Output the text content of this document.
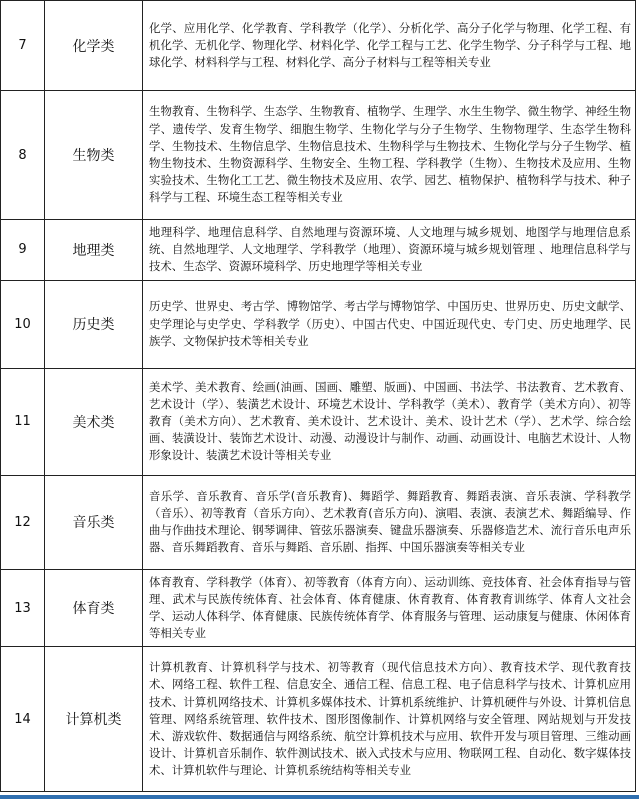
7	化学类	化学、应用化学、化学教育、学科教学（化学）、分析化学、高分子化学与物理、化学工程、有机化学、无机化学、物理化学、材料化学、化学工程与工艺、化学生物学、分子科学与工程、地球化学、材料科学与工程、材料化学、高分子材料与工程等相关专业
8	生物类	生物教育、生物科学、生态学、生物教育、植物学、生理学、水生生物学、微生物学、神经生物学、遗传学、发育生物学、细胞生物学、生物化学与分子生物学、生物物理学、生态学生物科学、生物技术、生物信息学、生物信息技术、生物科学与生物技术、生物化学与分子生物学、植物生物技术、生物资源科学、生物安全、生物工程、学科教学（生物）、生物技术及应用、生物实验技术、生物化工工艺、微生物技术及应用、农学、园艺、植物保护、植物科学与技术、种子科学与工程、环境生态工程等相关专业
9	地理类	地理科学、地理信息科学、自然地理与资源环境、人文地理与城乡规划、地图学与地理信息系统、自然地理学、人文地理学、学科教学（地理）、资源环境与城乡规划管理 、地理信息科学与技术、生态学、资源环境科学、历史地理学等相关专业
10	历史类	历史学、世界史、考古学、博物馆学、考古学与博物馆学、中国历史、世界历史、历史文献学、史学理论与史学史、学科教学（历史）、中国古代史、中国近现代史、专门史、历史地理学、民族学、文物保护技术等相关专业
11	美术类	美术学、美术教育、绘画(油画、国画、雕塑、版画)、中国画、书法学、书法教育、艺术教育、艺术设计（学）、装潢艺术设计、环境艺术设计、学科教学（美术）、教育学（美术方向）、初等教育（美术方向）、艺术教育、美术设计、艺术设计、美术、设计艺术（学）、艺术学、综合绘画、装潢设计、装饰艺术设计、动漫、动漫设计与制作、动画、动画设计、电脑艺术设计、人物形象设计、装潢艺术设计等相关专业
12	音乐类	音乐学、音乐教育、音乐学(音乐教育)、舞蹈学、舞蹈教育、舞蹈表演、音乐表演、学科教学（音乐）、初等教育（音乐方向）、艺术教育(音乐方向)、演唱、表演、表演艺术、舞蹈编导、作曲与作曲技术理论、钢琴调律、管弦乐器演奏、键盘乐器演奏、乐器修造艺术、流行音乐电声乐器、音乐舞蹈教育、音乐与舞蹈、音乐剧、指挥、中国乐器演奏等相关专业
13	体育类	体育教育、学科教学（体育）、初等教育（体育方向）、运动训练、竞技体育、社会体育指导与管理、武术与民族传统体育、社会体育、体育健康、休育教育、体育教育训练学、体育人文社会学、运动人体科学、体育健康、民族传统体育学、体育服务与管理、运动康复与健康、休闲体育等相关专业
14	计算机类	计算机教育、计算机科学与技术、初等教育（现代信息技术方向）、教育技术学、现代教育技术、网络工程、软件工程、信息安全、通信工程、信息工程、电子信息科学与技术、计算机应用技术、计算机网络技术、计算机多媒体技术、计算机系统维护、计算机硬件与外设、计算机信息管理、网络系统管理、软件技术、图形图像制作、计算机网络与安全管理、网站规划与开发技术、游戏软件、数据通信与网络系统、航空计算机技术与应用、软件开发与项目管理、三维动画设计、计算机音乐制作、软件测试技术、嵌入式技术与应用、物联网工程、自动化、数字媒体技术、计算机软件与理论、计算机系统结构等相关专业
